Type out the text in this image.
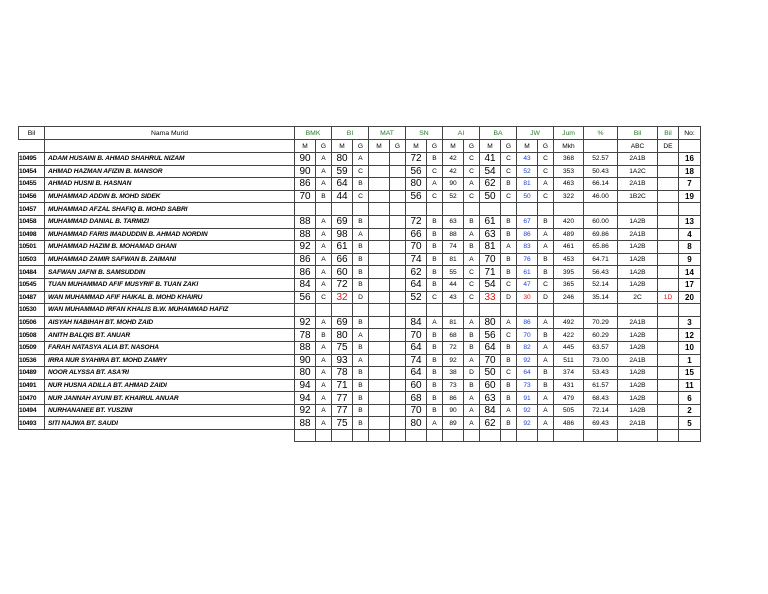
Bil	Nama Murid	BMK		BI		MAT		SN		AI		BA		JW		Jum	%	Bil	Bil	No:
		M	G	M	G	M	G	M	G	M	G	M	G	M	G	Mkh		ABC	DE	
10495	ADAM HUSAINI B. AHMAD SHAHRUL NIZAM	90	A	80	A			72	B	42	C	41	C	43	C	368	52.57	2A1B		16
10454	AHMAD HAZMAN AFIZIN B. MANSOR	90	A	59	C			56	C	42	C	54	C	52	C	353	50.43	1A2C		18
10455	AHMAD HUSNI B. HASNAN	86	A	64	B			80	A	90	A	62	B	81	A	463	66.14	2A1B		7
10456	MUHAMMAD ADDIN B. MOHD SIDEK	70	B	44	C			56	C	52	C	50	C	50	C	322	46.00	1B2C		19
10457	MUHAMMAD AFZAL SHAFIQ B. MOHD SABRI																			
10458	MUHAMMAD DANIAL B. TARMIZI	88	A	69	B			72	B	63	B	61	B	67	B	420	60.00	1A2B		13
10498	MUHAMMAD FARIS IMADUDDIN B. AHMAD NORDIN	88	A	98	A			66	B	88	A	63	B	86	A	489	69.86	2A1B		4
10501	MUHAMMAD HAZIM B. MOHAMAD GHANI	92	A	61	B			70	B	74	B	81	A	83	A	461	65.86	1A2B		8
10503	MUHAMMAD ZAMIR SAFWAN B. ZAIMANI	86	A	66	B			74	B	81	A	70	B	76	B	453	64.71	1A2B		9
10484	SAFWAN JAFNI B. SAMSUDDIN	86	A	60	B			62	B	55	C	71	B	61	B	395	56.43	1A2B		14
10545	TUAN MUHAMMAD AFIF MUSYRIF B. TUAN ZAKI	84	A	72	B			64	B	44	C	54	C	47	C	365	52.14	1A2B		17
10487	WAN MUHAMMAD AFIF HAIKAL B. MOHD KHAIRU	56	C	32	D			52	C	43	C	33	D	30	D	246	35.14	2C	1D	20
10530	WAN MUHAMMAD IRFAN KHALIS B.W. MUHAMMAD HAFIZ																			
10506	AISYAH NABIHAH BT. MOHD ZAID	92	A	69	B			84	A	81	A	80	A	86	A	492	70.29	2A1B		3
10508	ANITH BALQIS BT. ANUAR	78	B	80	A			70	B	68	B	56	C	70	B	422	60.29	1A2B		12
10509	FARAH NATASYA ALIA BT. NASOHA	88	A	75	B			64	B	72	B	64	B	82	A	445	63.57	1A2B		10
10536	IRRA NUR SYAHIRA BT. MOHD ZAMRY	90	A	93	A			74	B	92	A	70	B	92	A	511	73.00	2A1B		1
10489	NOOR ALYSSA BT. ASA'RI	80	A	78	B			64	B	38	D	50	C	64	B	374	53.43	1A2B		15
10491	NUR HUSNA ADILLA BT. AHMAD ZAIDI	94	A	71	B			60	B	73	B	60	B	73	B	431	61.57	1A2B		11
10470	NUR JANNAH AYUNI BT. KHAIRUL ANUAR	94	A	77	B			68	B	86	A	63	B	91	A	479	68.43	1A2B		6
10494	NURHANANEE BT. YUSZINI	92	A	77	B			70	B	90	A	84	A	92	A	505	72.14	1A2B		2
10493	SITI NAJWA BT. SAUDI	88	A	75	B			80	A	89	A	62	B	92	A	486	69.43	2A1B		5
